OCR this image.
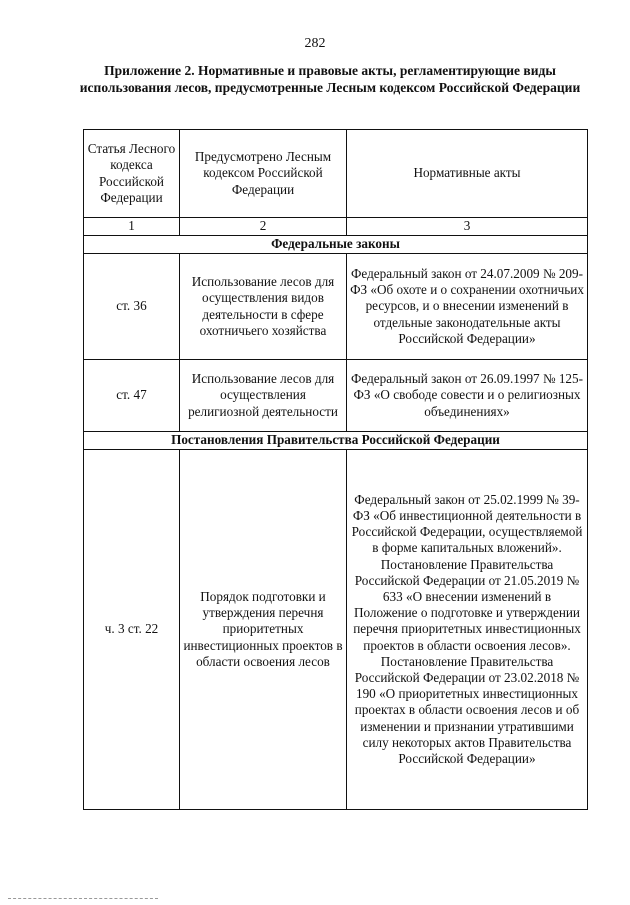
282
Приложение 2. Нормативные и правовые акты, регламентирующие виды использования лесов, предусмотренные Лесным кодексом Российской Федерации
Статья Лесного кодекса Российской Федерации	Предусмотрено Лесным кодексом Российской Федерации	Нормативные акты
1	2	3
Федеральные законы		
ст. 36	Использование лесов для осуществления видов деятельности в сфере охотничьего хозяйства	Федеральный закон от 24.07.2009 № 209-ФЗ «Об охоте и о сохранении охотничьих ресурсов, и о внесении изменений в отдельные законодательные акты Российской Федерации»
ст. 47	Использование лесов для осуществления религиозной деятельности	Федеральный закон от 26.09.1997 № 125-ФЗ «О свободе совести и о религиозных объединениях»
Постановления Правительства Российской Федерации		
ч. 3 ст. 22	Порядок подготовки и утверждения перечня приоритетных инвестиционных проектов в области освоения лесов	Федеральный закон от 25.02.1999 № 39-ФЗ «Об инвестиционной деятельности в Российской Федерации, осуществляемой в форме капитальных вложений». Постановление Правительства Российской Федерации от 21.05.2019 № 633 «О внесении изменений в Положение о подготовке и утверждении перечня приоритетных инвестиционных проектов в области освоения лесов». Постановление Правительства Российской Федерации от 23.02.2018 № 190 «О приоритетных инвестиционных проектах в области освоения лесов и об изменении и признании утратившими силу некоторых актов Правительства Российской Федерации»
